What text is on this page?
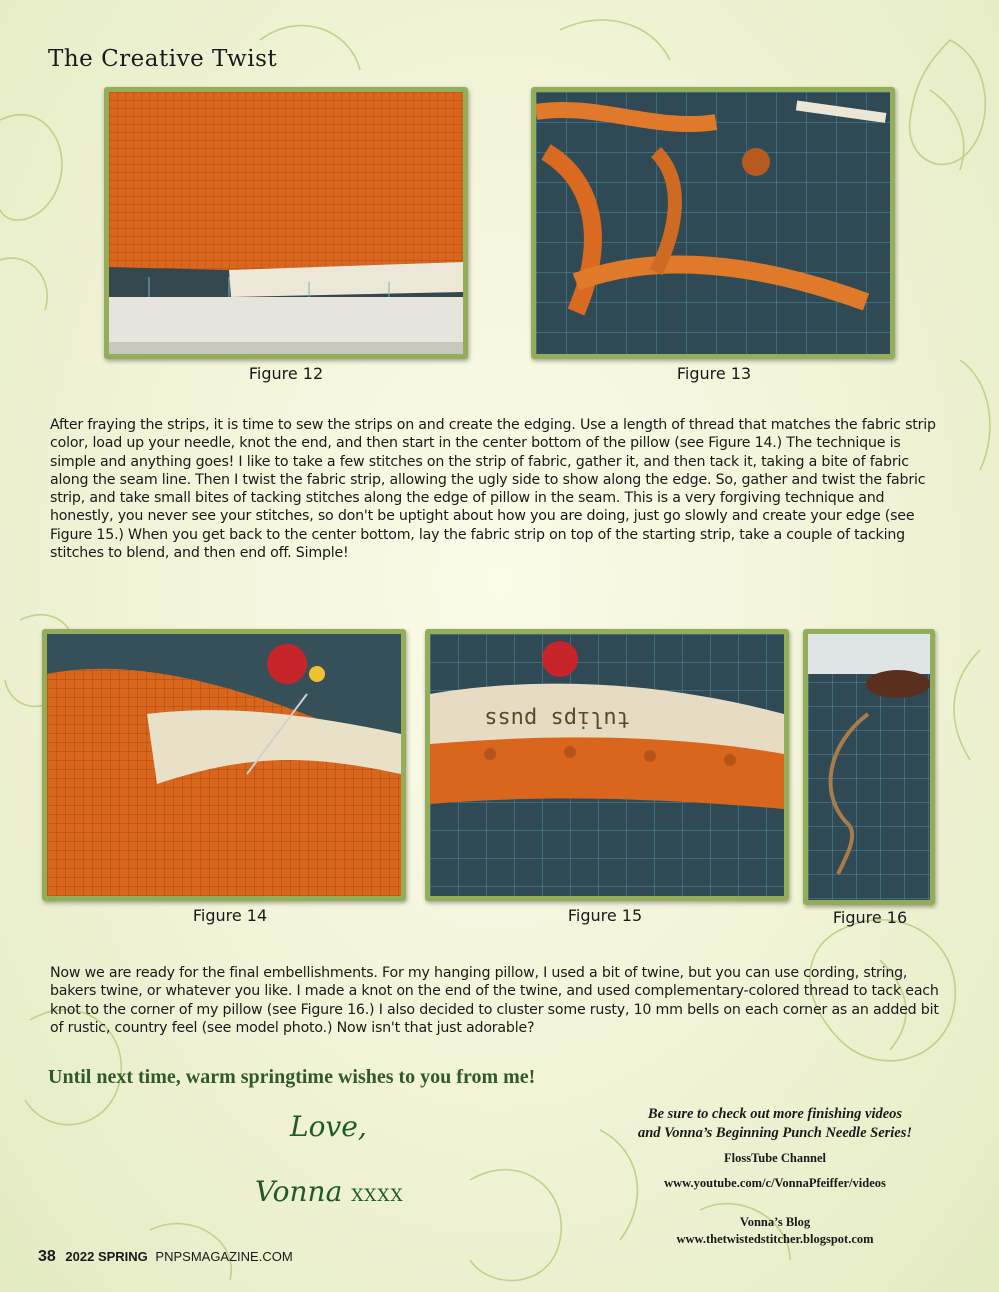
The Creative Twist
Figure 12	Figure 13

After fraying the strips, it is time to sew the strips on and create the edging. Use a length of thread that matches the fabric strip color, load up your needle, knot the end, and then start in the center bottom of the pillow (see Figure 14.) The technique is simple and anything goes! I like to take a few stitches on the strip of fabric, gather it, and then tack it, taking a bite of fabric along the seam line. Then I twist the fabric strip, allowing the ugly side to show along the edge. So, gather and twist the fabric strip, and take small bites of tacking stitches along the edge of pillow in the seam. This is a very forgiving technique and honestly, you never see your stitches, so don't be uptight about how you are doing, just go slowly and create your edge (see Figure 15.) When you get back to the center bottom, lay the fabric strip on top of the starting strip, take a couple of tacking stitches to blend, and then end off. Simple!

Figure 14
tulips puss
Figure 15	Figure 16

Now we are ready for the final embellishments. For my hanging pillow, I used a bit of twine, but you can use cording, string, bakers twine, or whatever you like. I made a knot on the end of the twine, and used complementary-colored thread to tack each knot to the corner of my pillow (see Figure 16.) I also decided to cluster some rusty, 10 mm bells on each corner as an added bit of rustic, country feel (see model photo.) Now isn't that just adorable?

Until next time, warm springtime wishes to you from me!

Love,
Vonna XXXX
Be sure to check out more finishing videos
and Vonna’s Beginning Punch Needle Series!
FlossTube Channel
www.youtube.com/c/VonnaPfeiffer/videos
Vonna’s Blog
www.thetwistedstitcher.blogspot.com
38 2022 SPRING PNPSMAGAZINE.COM
